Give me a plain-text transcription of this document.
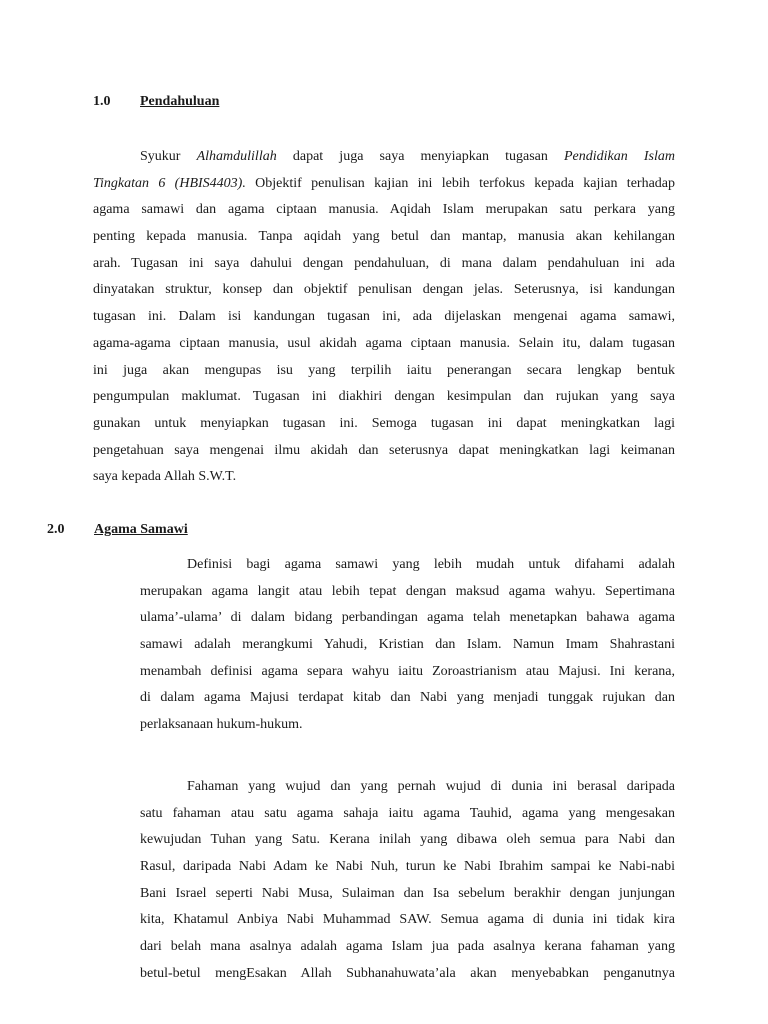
1.0 Pendahuluan
Syukur Alhamdulillah dapat juga saya menyiapkan tugasan Pendidikan Islam
Tingkatan 6 (HBIS4403). Objektif penulisan kajian ini lebih terfokus kepada kajian terhadap
agama samawi dan agama ciptaan manusia. Aqidah Islam merupakan satu perkara yang
penting kepada manusia. Tanpa aqidah yang betul dan mantap, manusia akan kehilangan
arah. Tugasan ini saya dahului dengan pendahuluan, di mana dalam pendahuluan ini ada
dinyatakan struktur, konsep dan objektif penulisan dengan jelas. Seterusnya, isi kandungan
tugasan ini. Dalam isi kandungan tugasan ini, ada dijelaskan mengenai agama samawi,
agama-agama ciptaan manusia, usul akidah agama ciptaan manusia. Selain itu, dalam tugasan
ini juga akan mengupas isu yang terpilih iaitu penerangan secara lengkap bentuk
pengumpulan maklumat. Tugasan ini diakhiri dengan kesimpulan dan rujukan yang saya
gunakan untuk menyiapkan tugasan ini. Semoga tugasan ini dapat meningkatkan lagi
pengetahuan saya mengenai ilmu akidah dan seterusnya dapat meningkatkan lagi keimanan
saya kepada Allah S.W.T.
2.0 Agama Samawi
Definisi bagi agama samawi yang lebih mudah untuk difahami adalah
merupakan agama langit atau lebih tepat dengan maksud agama wahyu. Sepertimana
ulama’-ulama’ di dalam bidang perbandingan agama telah menetapkan bahawa agama
samawi adalah merangkumi Yahudi, Kristian dan Islam. Namun Imam Shahrastani
menambah definisi agama separa wahyu iaitu Zoroastrianism atau Majusi. Ini kerana,
di dalam agama Majusi terdapat kitab dan Nabi yang menjadi tunggak rujukan dan
perlaksanaan hukum-hukum.
Fahaman yang wujud dan yang pernah wujud di dunia ini berasal daripada
satu fahaman atau satu agama sahaja iaitu agama Tauhid, agama yang mengesakan
kewujudan Tuhan yang Satu. Kerana inilah yang dibawa oleh semua para Nabi dan
Rasul, daripada Nabi Adam ke Nabi Nuh, turun ke Nabi Ibrahim sampai ke Nabi-nabi
Bani Israel seperti Nabi Musa, Sulaiman dan Isa sebelum berakhir dengan junjungan
kita, Khatamul Anbiya Nabi Muhammad SAW. Semua agama di dunia ini tidak kira
dari belah mana asalnya adalah agama Islam jua pada asalnya kerana fahaman yang
betul-betul mengEsakan Allah Subhanahuwata’ala akan menyebabkan penganutnya
